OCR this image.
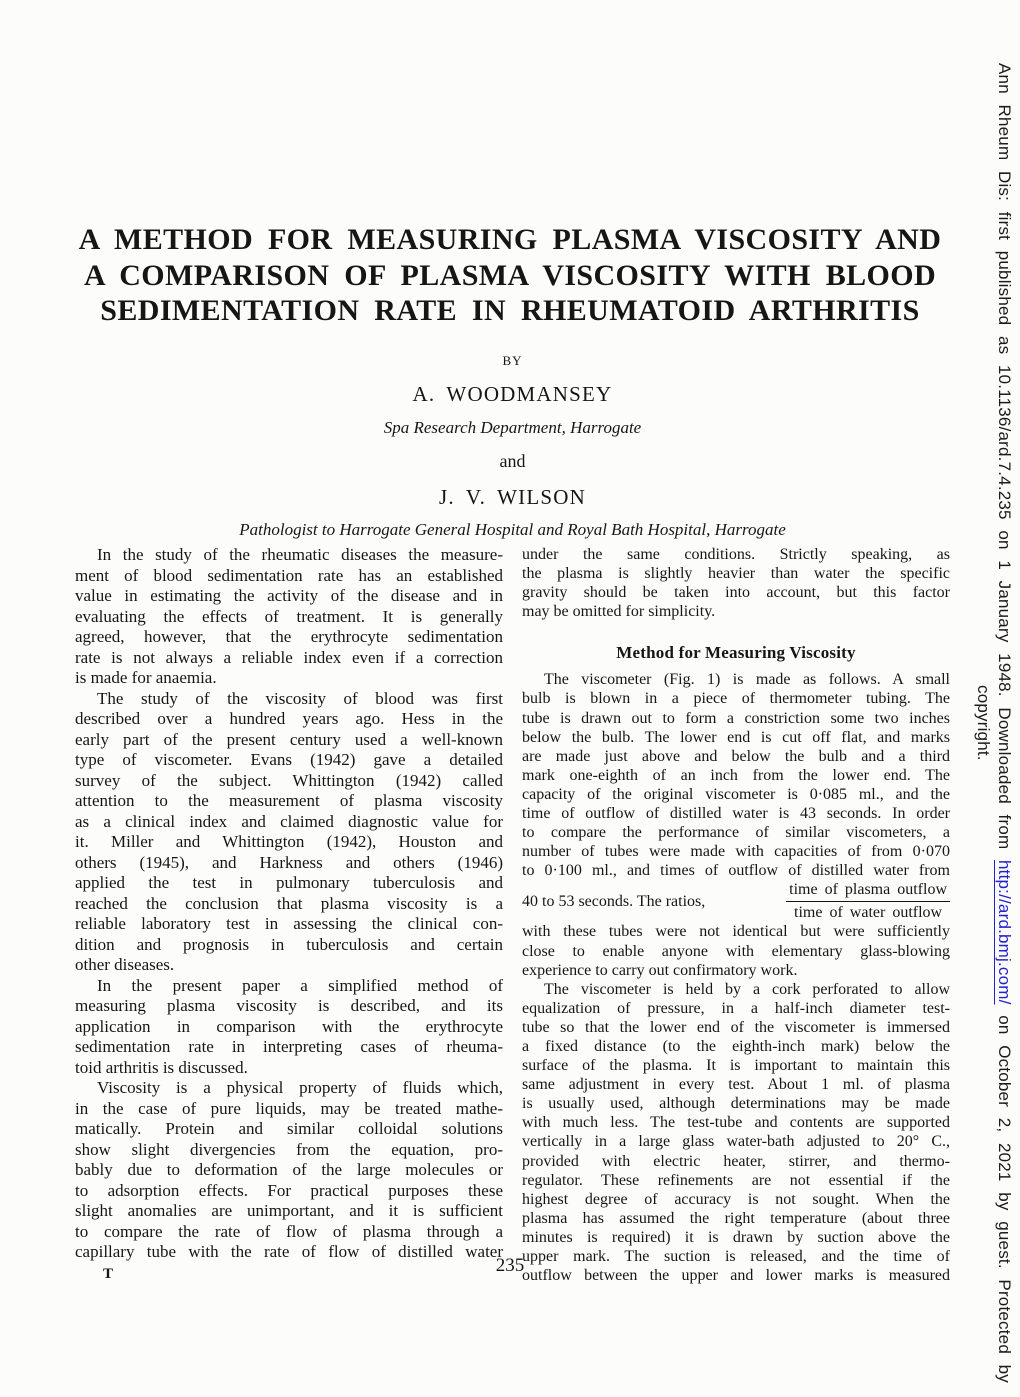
A METHOD FOR MEASURING PLASMA VISCOSITY AND
A COMPARISON OF PLASMA VISCOSITY WITH BLOOD
SEDIMENTATION RATE IN RHEUMATOID ARTHRITIS
BY
A. WOODMANSEY
Spa Research Department, Harrogate
and
J. V. WILSON
Pathologist to Harrogate General Hospital and Royal Bath Hospital, Harrogate
In the study of the rheumatic diseases the measure-
ment of blood sedimentation rate has an established
value in estimating the activity of the disease and in
evaluating the effects of treatment. It is generally
agreed, however, that the erythrocyte sedimentation
rate is not always a reliable index even if a correction
is made for anaemia.
The study of the viscosity of blood was first
described over a hundred years ago. Hess in the
early part of the present century used a well-known
type of viscometer. Evans (1942) gave a detailed
survey of the subject. Whittington (1942) called
attention to the measurement of plasma viscosity
as a clinical index and claimed diagnostic value for
it. Miller and Whittington (1942), Houston and
others (1945), and Harkness and others (1946)
applied the test in pulmonary tuberculosis and
reached the conclusion that plasma viscosity is a
reliable laboratory test in assessing the clinical con-
dition and prognosis in tuberculosis and certain
other diseases.
In the present paper a simplified method of
measuring plasma viscosity is described, and its
application in comparison with the erythrocyte
sedimentation rate in interpreting cases of rheuma-
toid arthritis is discussed.
Viscosity is a physical property of fluids which,
in the case of pure liquids, may be treated mathe-
matically. Protein and similar colloidal solutions
show slight divergencies from the equation, pro-
bably due to deformation of the large molecules or
to adsorption effects. For practical purposes these
slight anomalies are unimportant, and it is sufficient
to compare the rate of flow of plasma through a
capillary tube with the rate of flow of distilled water
under the same conditions. Strictly speaking, as
the plasma is slightly heavier than water the specific
gravity should be taken into account, but this factor
may be omitted for simplicity.
Method for Measuring Viscosity
The viscometer (Fig. 1) is made as follows. A small
bulb is blown in a piece of thermometer tubing. The
tube is drawn out to form a constriction some two inches
below the bulb. The lower end is cut off flat, and marks
are made just above and below the bulb and a third
mark one-eighth of an inch from the lower end. The
capacity of the original viscometer is 0·085 ml., and the
time of outflow of distilled water is 43 seconds. In order
to compare the performance of similar viscometers, a
number of tubes were made with capacities of from 0·070
to 0·100 ml., and times of outflow of distilled water from
40 to 53 seconds. The ratios,	$\frac{\text{time of plasma outflow}}{\text{time of water outflow}}$
with these tubes were not identical but were sufficiently
close to enable anyone with elementary glass-blowing
experience to carry out confirmatory work.
The viscometer is held by a cork perforated to allow
equalization of pressure, in a half-inch diameter test-
tube so that the lower end of the viscometer is immersed
a fixed distance (to the eighth-inch mark) below the
surface of the plasma. It is important to maintain this
same adjustment in every test. About 1 ml. of plasma
is usually used, although determinations may be made
with much less. The test-tube and contents are supported
vertically in a large glass water-bath adjusted to 20° C.,
provided with electric heater, stirrer, and thermo-
regulator. These refinements are not essential if the
highest degree of accuracy is not sought. When the
plasma has assumed the right temperature (about three
minutes is required) it is drawn by suction above the
upper mark. The suction is released, and the time of
outflow between the upper and lower marks is measured
T	235
Ann Rheum Dis: first published as 10.1136/ard.7.4.235 on 1 January 1948. Downloaded from http://ard.bmj.com/ on October 2, 2021 by guest. Protected by
copyright.
